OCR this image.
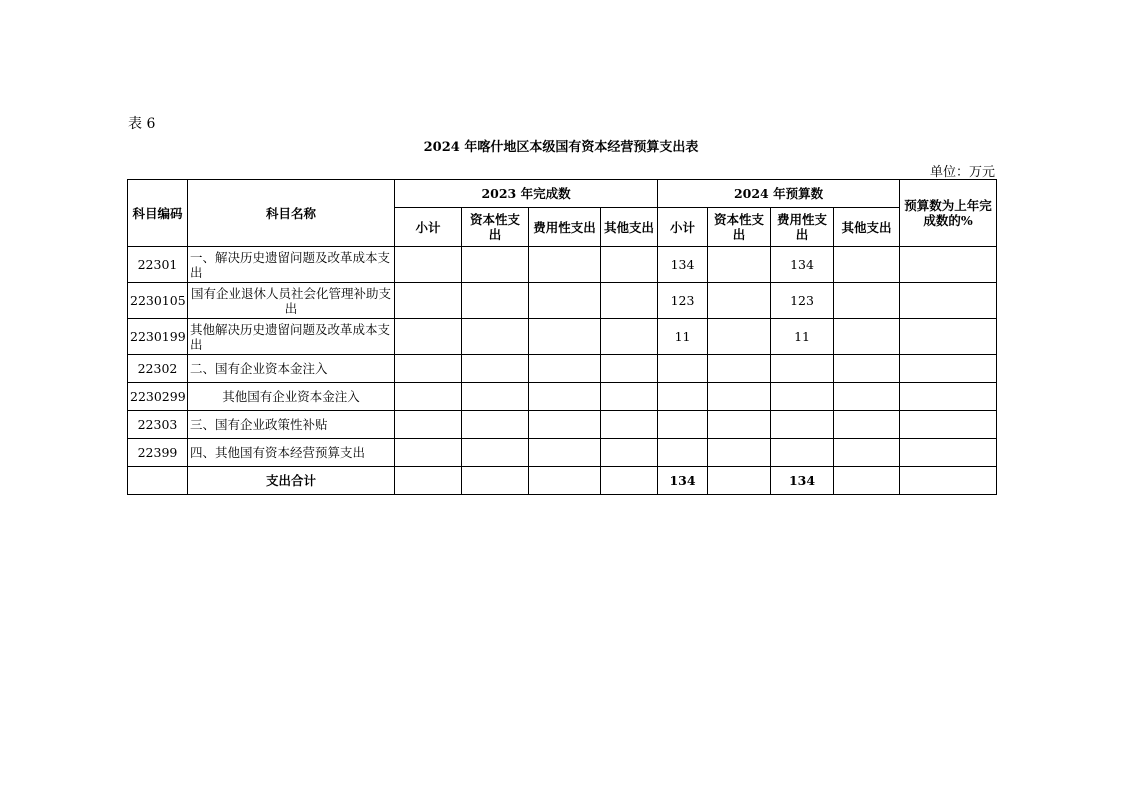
表 6
2024 年喀什地区本级国有资本经营预算支出表
单位：万元
科目编码	科目名称	2023 年完成数				2024 年预算数				预算数为上年完成数的%
		小计	资本性支出	费用性支出	其他支出	小计	资本性支出	费用性支出	其他支出	
22301	一、解决历史遗留问题及改革成本支出					134		134		
2230105	国有企业退休人员社会化管理补助支出					123		123		
2230199	其他解决历史遗留问题及改革成本支出					11		11		
22302	二、国有企业资本金注入									
2230299	其他国有企业资本金注入									
22303	三、国有企业政策性补贴									
22399	四、其他国有资本经营预算支出									
	支出合计					134		134		
